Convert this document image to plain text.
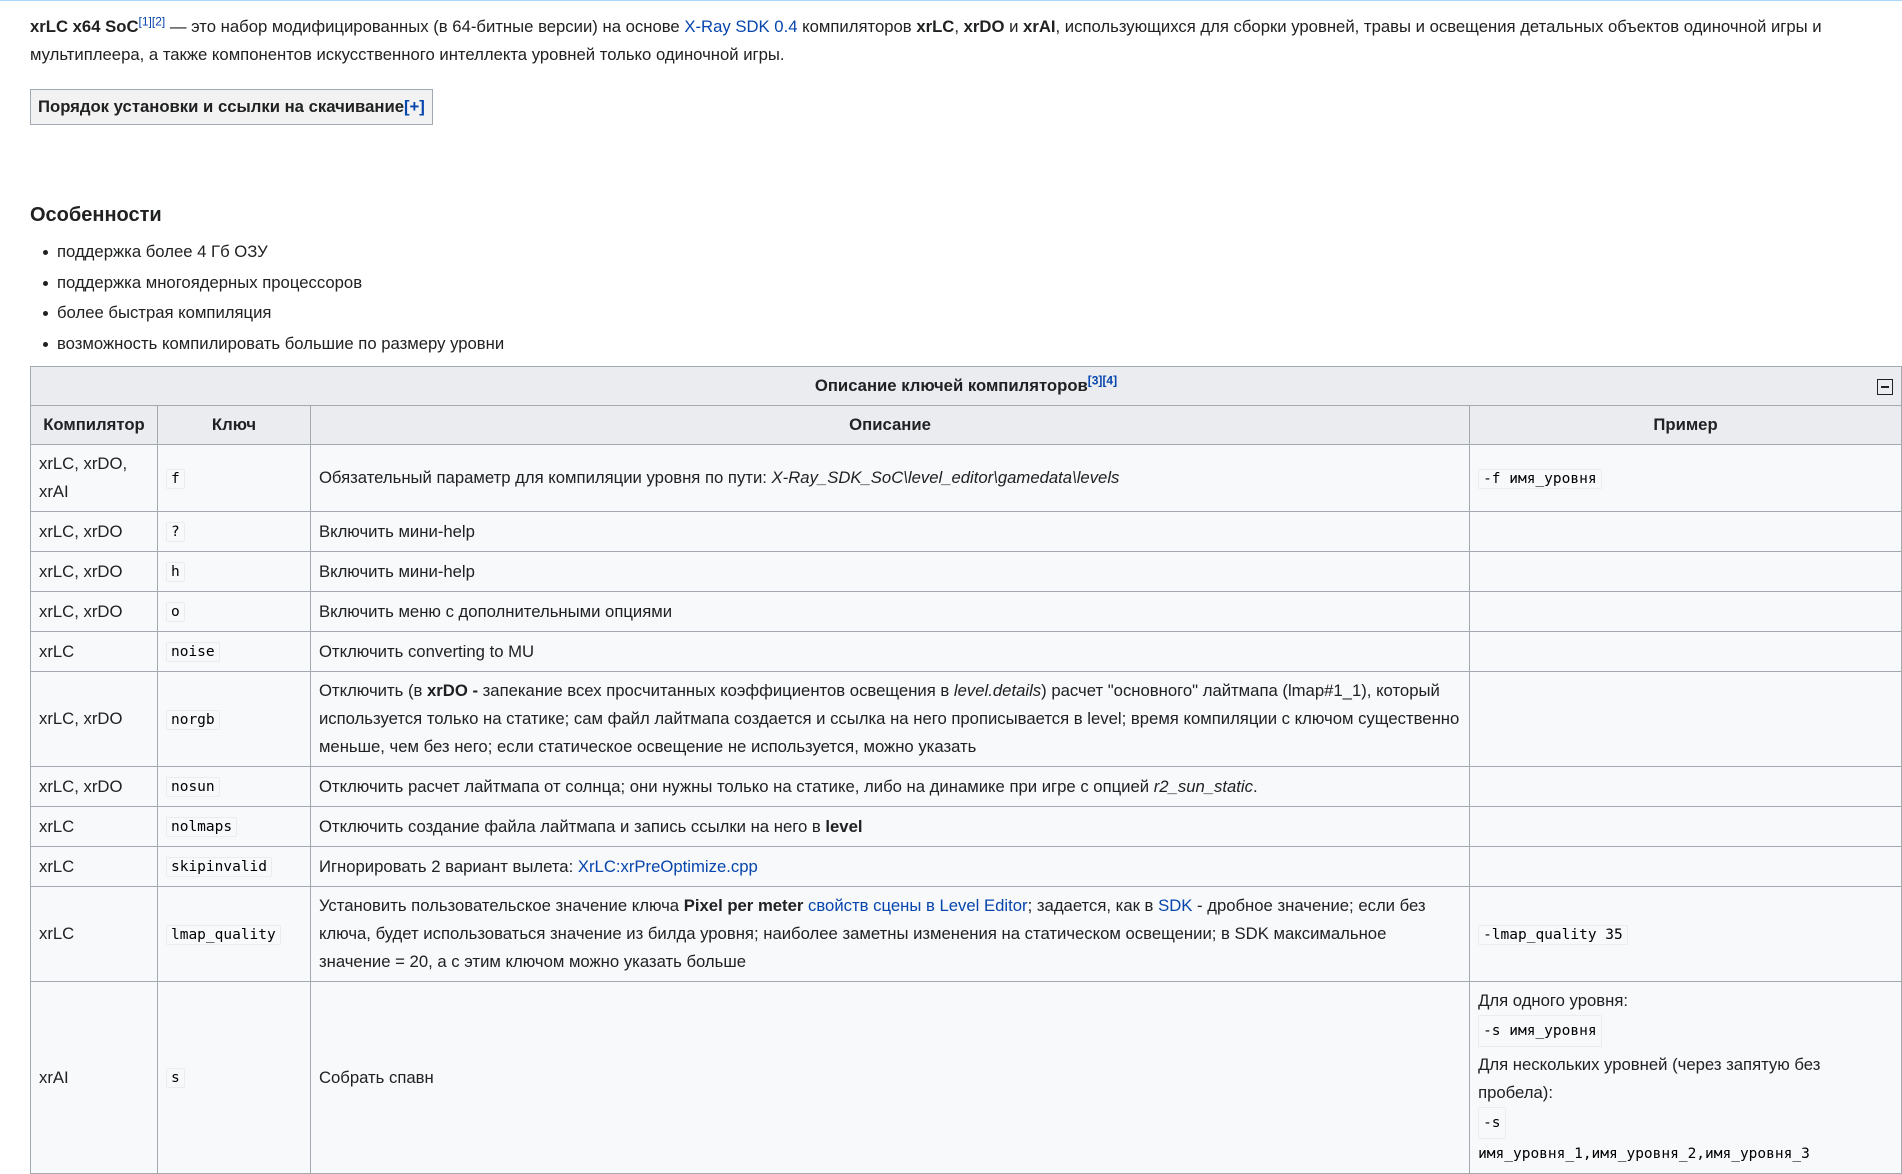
xrLC x64 SoC[1][2] — это набор модифицированных (в 64-битные версии) на основе X-Ray SDK 0.4 компиляторов xrLC, xrDO и xrAI, использующихся для сборки уровней, травы и освещения детальных объектов одиночной игры и мультиплеера, а также компонентов искусственного интеллекта уровней только одиночной игры.

Порядок установки и ссылки на скачивание[+]
Особенности
поддержка более 4 Гб ОЗУ
поддержка многоядерных процессоров
более быстрая компиляция
возможность компилировать большие по размеру уровни
Описание ключей компиляторов[3][4]

Компилятор	Ключ	Описание	Пример
xrLC, xrDO, xrAI	f	Обязательный параметр для компиляции уровня по пути: X-Ray_SDK_SoC\level_editor\gamedata\levels	-f имя_уровня
xrLC, xrDO	?	Включить мини-help	
xrLC, xrDO	h	Включить мини-help	
xrLC, xrDO	o	Включить меню с дополнительными опциями	
xrLC	noise	Отключить converting to MU	
xrLC, xrDO	norgb	Отключить (в xrDO - запекание всех просчитанных коэффициентов освещения в level.details) расчет "основного" лайтмапа (lmap#1_1), который используется только на статике; сам файл лайтмапа создается и ссылка на него прописывается в level; время компиляции с ключом существенно меньше, чем без него; если статическое освещение не используется, можно указать	
xrLC, xrDO	nosun	Отключить расчет лайтмапа от солнца; они нужны только на статике, либо на динамике при игре с опцией r2_sun_static.	
xrLC	nolmaps	Отключить создание файла лайтмапа и запись ссылки на него в level	
xrLC	skipinvalid	Игнорировать 2 вариант вылета: XrLC:xrPreOptimize.cpp	
xrLC	lmap_quality	Установить пользовательское значение ключа Pixel per meter свойств сцены в Level Editor; задается, как в SDK - дробное значение; если без ключа, будет использоваться значение из билда уровня; наиболее заметны изменения на статическом освещении; в SDK максимальное значение = 20, а с этим ключом можно указать больше	-lmap_quality 35
xrAI	s	Собрать спавн	Для одного уровня:
-s имя_уровня
Для нескольких уровней (через запятую без пробела):
-s
имя_уровня_1,имя_уровня_2,имя_уровня_3
